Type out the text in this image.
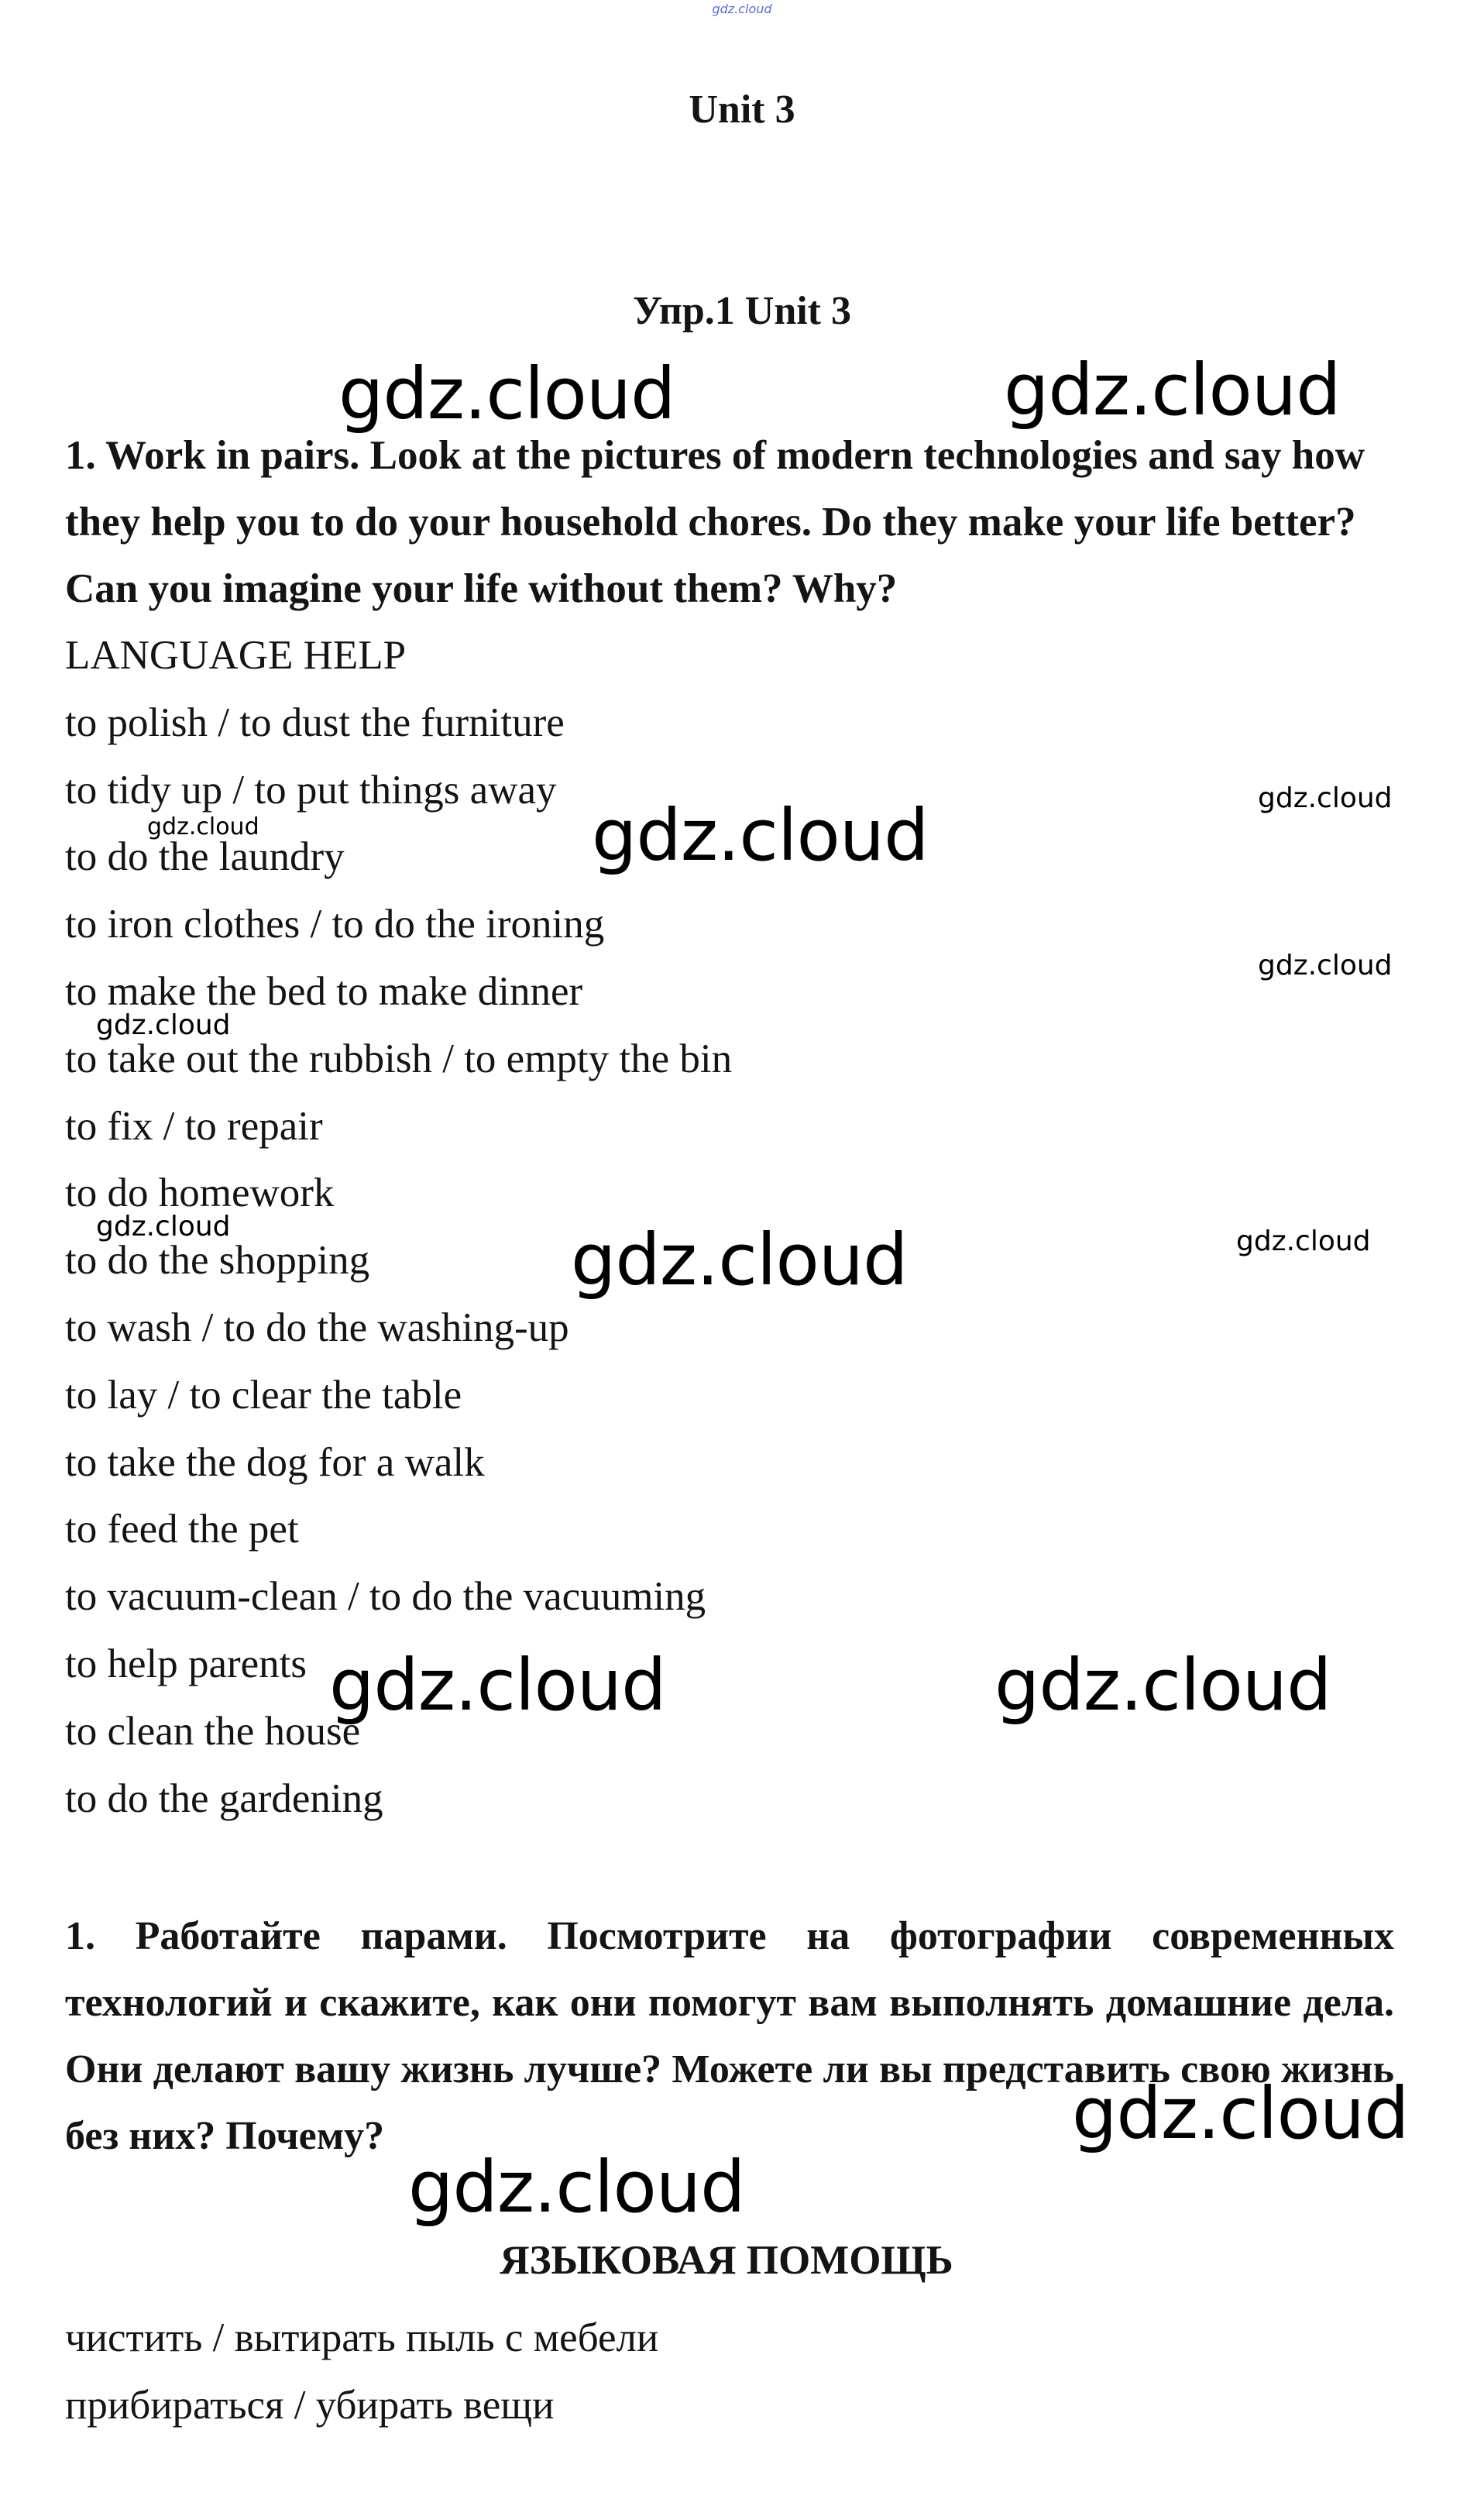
gdz.cloud
Unit 3
Упр.1 Unit 3

1. Work in pairs. Look at the pictures of modern technologies and say how they help you to do your household chores. Do they make your life better? Can you imagine your life without them? Why?

LANGUAGE HELP
to polish / to dust the furniture
to tidy up / to put things away
to do the laundry
to iron clothes / to do the ironing
to make the bed to make dinner
to take out the rubbish / to empty the bin
to fix / to repair
to do homework
to do the shopping
to wash / to do the washing-up
to lay / to clear the table
to take the dog for a walk
to feed the pet
to vacuum-clean / to do the vacuuming
to help parents
to clean the house
to do the gardening

1. Работайте парами. Посмотрите на фотографии современных технологий и скажите, как они помогут вам выполнять домашние дела. Они делают вашу жизнь лучше? Можете ли вы представить свою жизнь без них? Почему?

ЯЗЫКОВАЯ ПОМОЩЬ
чистить / вытирать пыль с мебели
прибираться / убирать вещи
gdz.cloud	gdz.cloud
gdz.cloud
gdz.cloud
gdz.cloud	gdz.cloud
gdz.cloud
gdz.cloud
gdz.cloud
gdz.cloud
gdz.cloud
gdz.cloud
gdz.cloud	gdz.cloud
